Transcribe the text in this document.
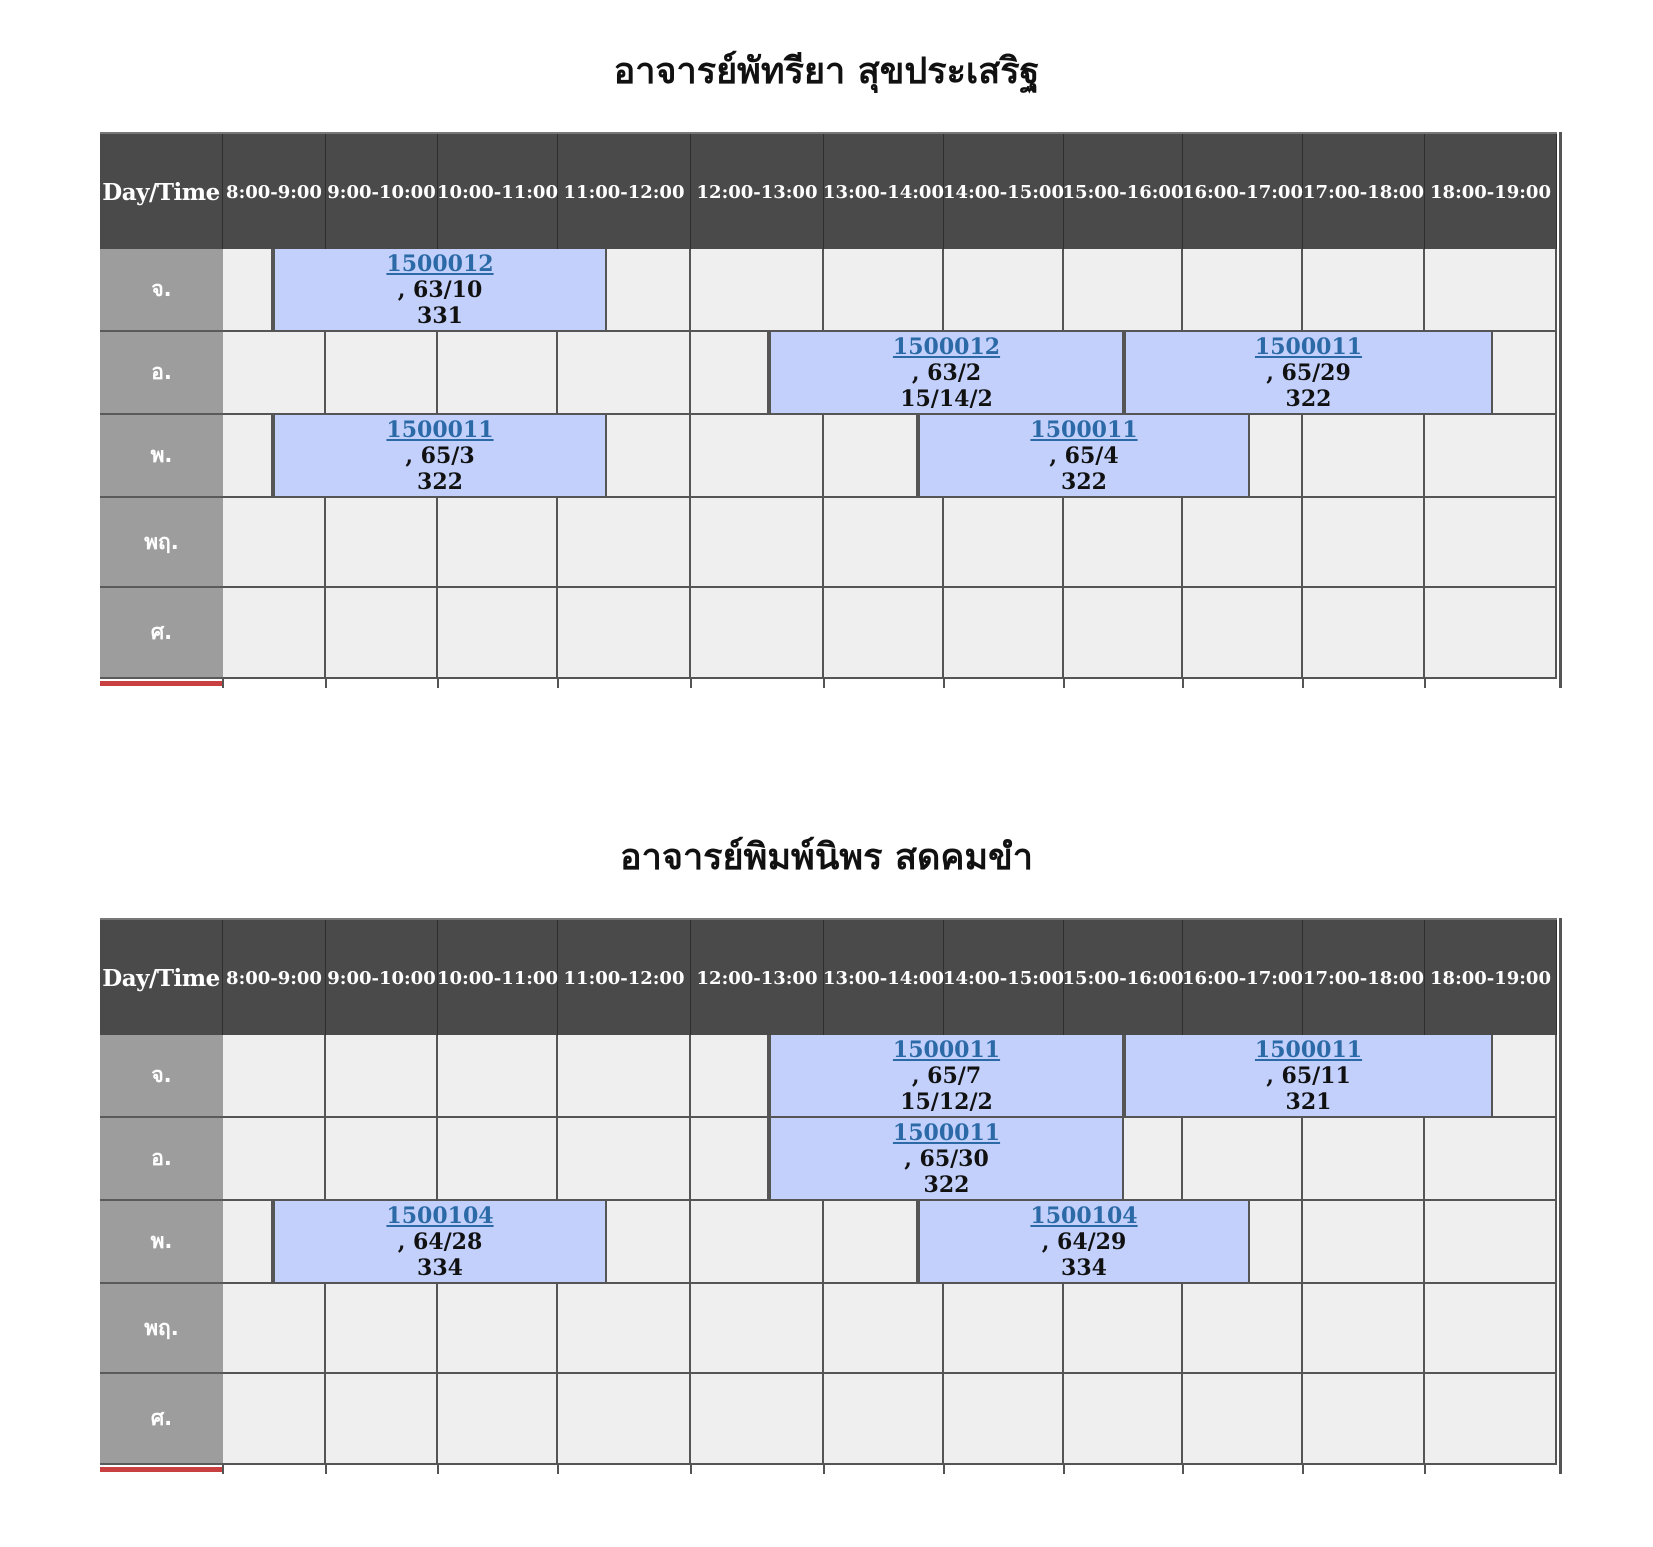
อาจารย์พัทรียา สุขประเสริฐ
Day/Time 8:00-9:00 9:00-10:00 10:00-11:00 11:00-12:00 12:00-13:00 13:00-14:00 14:00-15:00
15:00-16:00
16:00-17:00 17:00-18:00 18:00-19:00
จ.
1500012
, 63/10
331
อ.
1500012
, 63/2
15/14/2
1500011
, 65/29
322
พ.
1500011
, 65/3
322
1500011
, 65/4
322
พฤ.
ศ.
อาจารย์พิมพ์นิพร สดคมขำ
Day/Time 8:00-9:00 9:00-10:00 10:00-11:00 11:00-12:00 12:00-13:00 13:00-14:00 14:00-15:00
15:00-16:00
16:00-17:00 17:00-18:00 18:00-19:00
จ.
1500011
, 65/7
15/12/2
1500011
, 65/11
321
อ.
1500011
, 65/30
322
พ.
1500104
, 64/28
334
1500104
, 64/29
334
พฤ.
ศ.
